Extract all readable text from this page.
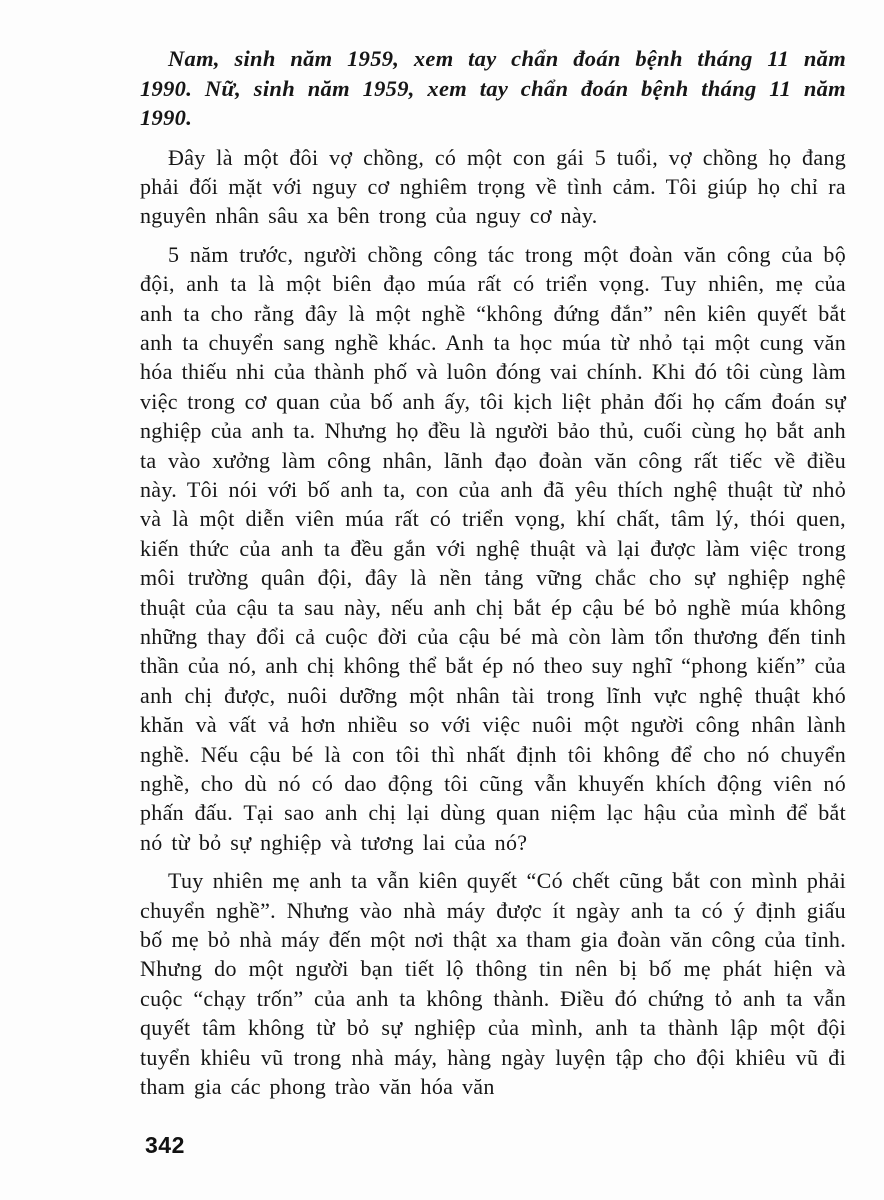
Nam, sinh năm 1959, xem tay chẩn đoán bệnh tháng 11 năm 1990. Nữ, sinh năm 1959, xem tay chẩn đoán bệnh tháng 11 năm 1990.

Đây là một đôi vợ chồng, có một con gái 5 tuổi, vợ chồng họ đang phải đối mặt với nguy cơ nghiêm trọng về tình cảm. Tôi giúp họ chỉ ra nguyên nhân sâu xa bên trong của nguy cơ này.

5 năm trước, người chồng công tác trong một đoàn văn công của bộ đội, anh ta là một biên đạo múa rất có triển vọng. Tuy nhiên, mẹ của anh ta cho rằng đây là một nghề “không đứng đắn” nên kiên quyết bắt anh ta chuyển sang nghề khác. Anh ta học múa từ nhỏ tại một cung văn hóa thiếu nhi của thành phố và luôn đóng vai chính. Khi đó tôi cùng làm việc trong cơ quan của bố anh ấy, tôi kịch liệt phản đối họ cấm đoán sự nghiệp của anh ta. Nhưng họ đều là người bảo thủ, cuối cùng họ bắt anh ta vào xưởng làm công nhân, lãnh đạo đoàn văn công rất tiếc về điều này. Tôi nói với bố anh ta, con của anh đã yêu thích nghệ thuật từ nhỏ và là một diễn viên múa rất có triển vọng, khí chất, tâm lý, thói quen, kiến thức của anh ta đều gắn với nghệ thuật và lại được làm việc trong môi trường quân đội, đây là nền tảng vững chắc cho sự nghiệp nghệ thuật của cậu ta sau này, nếu anh chị bắt ép cậu bé bỏ nghề múa không những thay đổi cả cuộc đời của cậu bé mà còn làm tổn thương đến tinh thần của nó, anh chị không thể bắt ép nó theo suy nghĩ “phong kiến” của anh chị được, nuôi dưỡng một nhân tài trong lĩnh vực nghệ thuật khó khăn và vất vả hơn nhiều so với việc nuôi một người công nhân lành nghề. Nếu cậu bé là con tôi thì nhất định tôi không để cho nó chuyển nghề, cho dù nó có dao động tôi cũng vẫn khuyến khích động viên nó phấn đấu. Tại sao anh chị lại dùng quan niệm lạc hậu của mình để bắt nó từ bỏ sự nghiệp và tương lai của nó?

Tuy nhiên mẹ anh ta vẫn kiên quyết “Có chết cũng bắt con mình phải chuyển nghề”. Nhưng vào nhà máy được ít ngày anh ta có ý định giấu bố mẹ bỏ nhà máy đến một nơi thật xa tham gia đoàn văn công của tỉnh. Nhưng do một người bạn tiết lộ thông tin nên bị bố mẹ phát hiện và cuộc “chạy trốn” của anh ta không thành. Điều đó chứng tỏ anh ta vẫn quyết tâm không từ bỏ sự nghiệp của mình, anh ta thành lập một đội tuyển khiêu vũ trong nhà máy, hàng ngày luyện tập cho đội khiêu vũ đi tham gia các phong trào văn hóa văn

342
